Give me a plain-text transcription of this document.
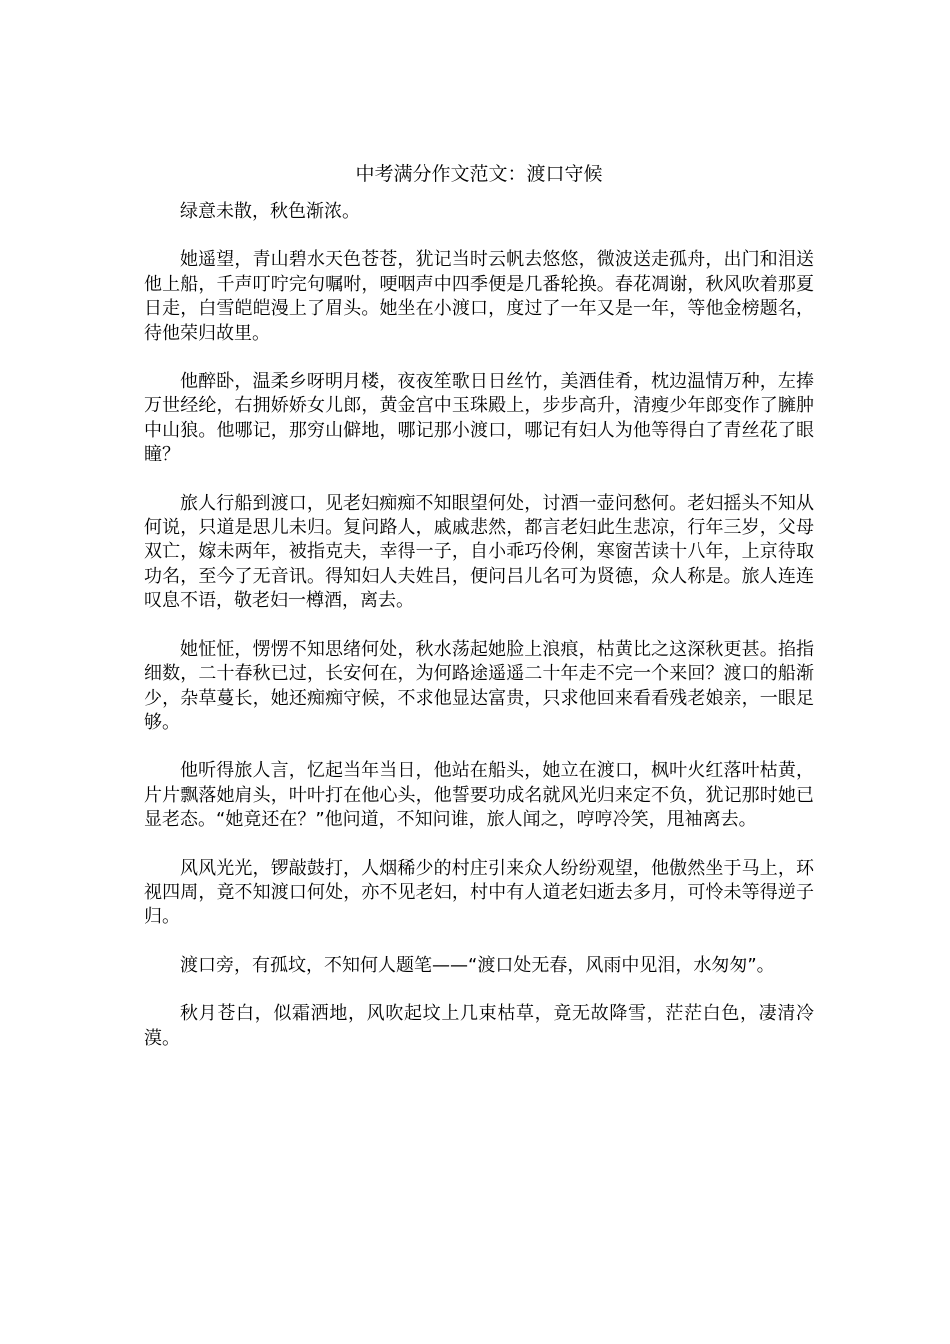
中考满分作文范文：渡口守候

绿意未散，秋色渐浓。

她遥望，青山碧水天色苍苍，犹记当时云帆去悠悠，微波送走孤舟，出门和泪送他上船，千声叮咛完句嘱咐，哽咽声中四季便是几番轮换。春花凋谢，秋风吹着那夏日走，白雪皑皑漫上了眉头。她坐在小渡口，度过了一年又是一年，等他金榜题名，待他荣归故里。

他醉卧，温柔乡呀明月楼，夜夜笙歌日日丝竹，美酒佳肴，枕边温情万种，左捧万世经纶，右拥娇娇女儿郎，黄金宫中玉珠殿上，步步高升，清瘦少年郎变作了臃肿中山狼。他哪记，那穷山僻地，哪记那小渡口，哪记有妇人为他等得白了青丝花了眼瞳？

旅人行船到渡口，见老妇痴痴不知眼望何处，讨酒一壶问愁何。老妇摇头不知从何说，只道是思儿未归。复问路人，戚戚悲然，都言老妇此生悲凉，行年三岁，父母双亡，嫁未两年，被指克夫，幸得一子，自小乖巧伶俐，寒窗苦读十八年，上京待取功名，至今了无音讯。得知妇人夫姓吕，便问吕儿名可为贤德，众人称是。旅人连连叹息不语，敬老妇一樽酒，离去。

她怔怔，愣愣不知思绪何处，秋水荡起她脸上浪痕，枯黄比之这深秋更甚。掐指细数，二十春秋已过，长安何在，为何路途遥遥二十年走不完一个来回？渡口的船渐少，杂草蔓长，她还痴痴守候，不求他显达富贵，只求他回来看看残老娘亲，一眼足够。

他听得旅人言，忆起当年当日，他站在船头，她立在渡口，枫叶火红落叶枯黄，片片飘落她肩头，叶叶打在他心头，他誓要功成名就风光归来定不负，犹记那时她已显老态。“她竟还在？”他问道，不知问谁，旅人闻之，哼哼冷笑，甩袖离去。

风风光光，锣敲鼓打，人烟稀少的村庄引来众人纷纷观望，他傲然坐于马上，环视四周，竟不知渡口何处，亦不见老妇，村中有人道老妇逝去多月，可怜未等得逆子归。

渡口旁，有孤坟，不知何人题笔——“渡口处无春，风雨中见泪，水匆匆”。

秋月苍白，似霜洒地，风吹起坟上几束枯草，竟无故降雪，茫茫白色，凄清冷漠。
